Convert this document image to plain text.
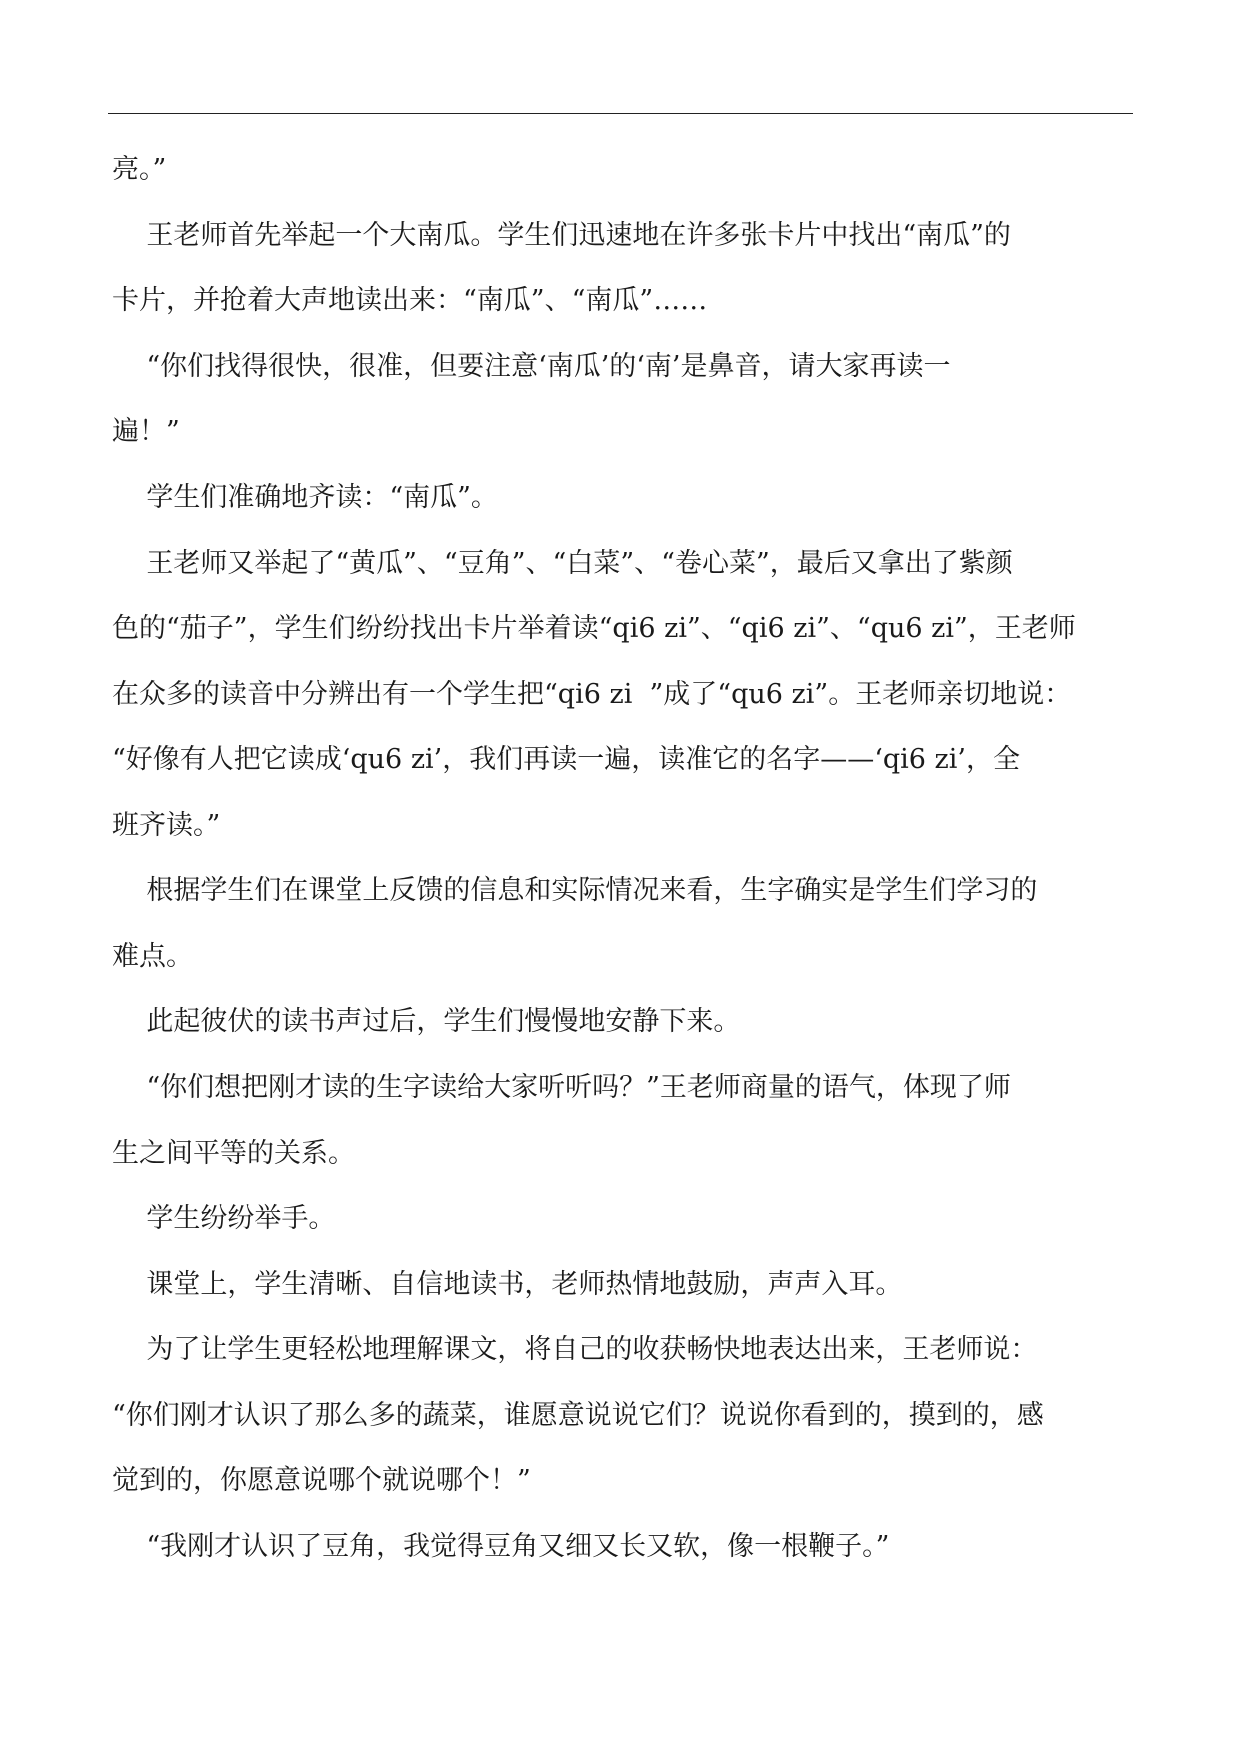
亮。”
王老师首先举起一个大南瓜。学生们迅速地在许多张卡片中找出“南瓜”的
卡片，并抢着大声地读出来：“南瓜”、“南瓜”……
“你们找得很快，很准，但要注意‘南瓜’的‘南’是鼻音，请大家再读一
遍！”
学生们准确地齐读：“南瓜”。
王老师又举起了“黄瓜”、“豆角”、“白菜”、“卷心菜”，最后又拿出了紫颜
色的“茄子”，学生们纷纷找出卡片举着读“qi6 zi”、“qi6 zi”、“qu6 zi”，王老师
在众多的读音中分辨出有一个学生把“qi6 zi  ”成了“qu6 zi”。王老师亲切地说：
“好像有人把它读成‘qu6 zi’，我们再读一遍，读准它的名字——‘qi6 zi’，全
班齐读。”
根据学生们在课堂上反馈的信息和实际情况来看，生字确实是学生们学习的
难点。
此起彼伏的读书声过后，学生们慢慢地安静下来。
“你们想把刚才读的生字读给大家听听吗？”王老师商量的语气，体现了师
生之间平等的关系。
学生纷纷举手。
课堂上，学生清晰、自信地读书，老师热情地鼓励，声声入耳。
为了让学生更轻松地理解课文，将自己的收获畅快地表达出来，王老师说：
“你们刚才认识了那么多的蔬菜，谁愿意说说它们？说说你看到的，摸到的，感
觉到的，你愿意说哪个就说哪个！”
“我刚才认识了豆角，我觉得豆角又细又长又软，像一根鞭子。”
